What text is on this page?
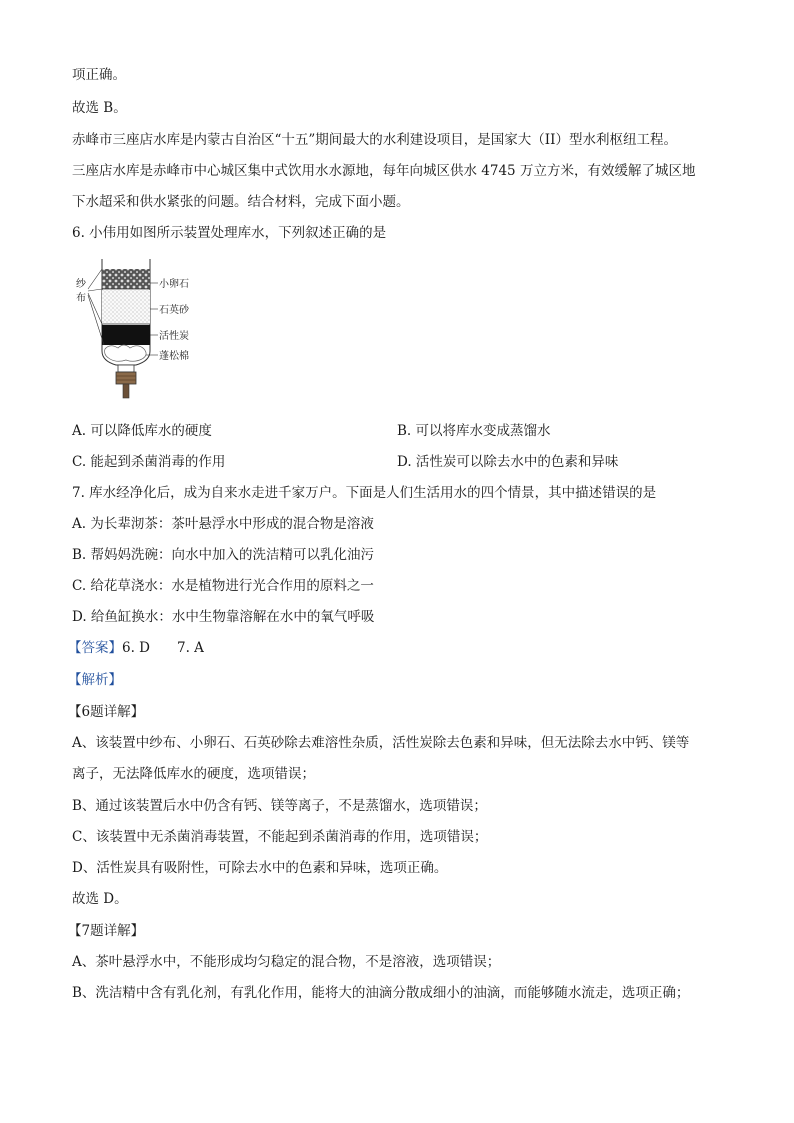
项正确。
故选 B。
赤峰市三座店水库是内蒙古自治区“十五”期间最大的水利建设项目，是国家大（II）型水利枢纽工程。
三座店水库是赤峰市中心城区集中式饮用水水源地，每年向城区供水 4745 万立方米，有效缓解了城区地
下水超采和供水紧张的问题。结合材料，完成下面小题。
6. 小伟用如图所示装置处理库水，下列叙述正确的是
纱
布
小卵石
石英砂
活性炭
蓬松棉
A. 可以降低库水的硬度	B. 可以将库水变成蒸馏水
C. 能起到杀菌消毒的作用	D. 活性炭可以除去水中的色素和异味
7. 库水经净化后，成为自来水走进千家万户。下面是人们生活用水的四个情景，其中描述错误的是
A. 为长辈沏茶：茶叶悬浮水中形成的混合物是溶液
B. 帮妈妈洗碗：向水中加入的洗洁精可以乳化油污
C. 给花草浇水：水是植物进行光合作用的原料之一
D. 给鱼缸换水：水中生物靠溶解在水中的氧气呼吸
【答案】6. D　　7. A
【解析】
【6题详解】
A、该装置中纱布、小卵石、石英砂除去难溶性杂质，活性炭除去色素和异味，但无法除去水中钙、镁等
离子，无法降低库水的硬度，选项错误；
B、通过该装置后水中仍含有钙、镁等离子，不是蒸馏水，选项错误；
C、该装置中无杀菌消毒装置，不能起到杀菌消毒的作用，选项错误；
D、活性炭具有吸附性，可除去水中的色素和异味，选项正确。
故选 D。
【7题详解】
A、茶叶悬浮水中，不能形成均匀稳定的混合物，不是溶液，选项错误；
B、洗洁精中含有乳化剂，有乳化作用，能将大的油滴分散成细小的油滴，而能够随水流走，选项正确；
